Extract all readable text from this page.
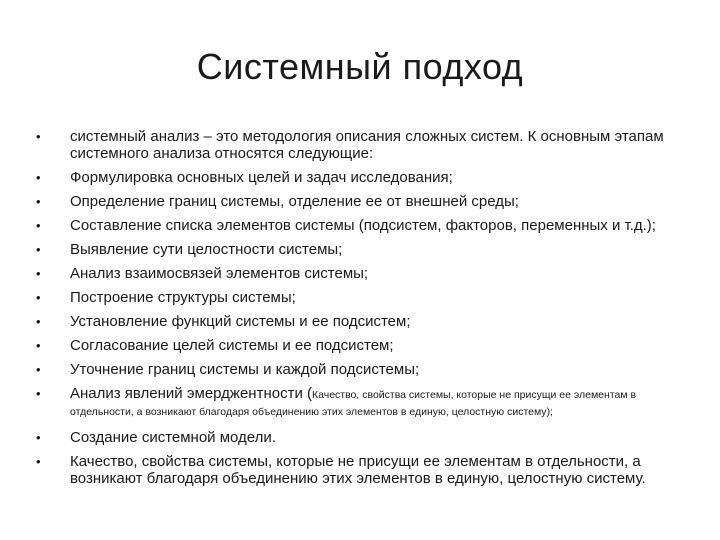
Системный подход
•	системный анализ – это методология описания сложных систем. К основным этапам системного анализа относятся следующие:
•	Формулировка основных целей и задач исследования;
•	Определение границ системы, отделение ее от внешней среды;
•	Составление списка элементов системы (подсистем, факторов, переменных и т.д.);
•	Выявление сути целостности системы;
•	Анализ взаимосвязей элементов системы;
•	Построение структуры системы;
•	Установление функций системы и ее подсистем;
•	Согласование целей системы и ее подсистем;
•	Уточнение границ системы и каждой подсистемы;
•	Анализ явлений эмерджентности (Качество, свойства системы, которые не присущи ее элементам в отдельности, а возникают благодаря объединению этих элементов в единую, целостную систему);
•	Создание системной модели.
•	Качество, свойства системы, которые не присущи ее элементам в отдельности, а возникают благодаря объединению этих элементов в единую, целостную систему.
